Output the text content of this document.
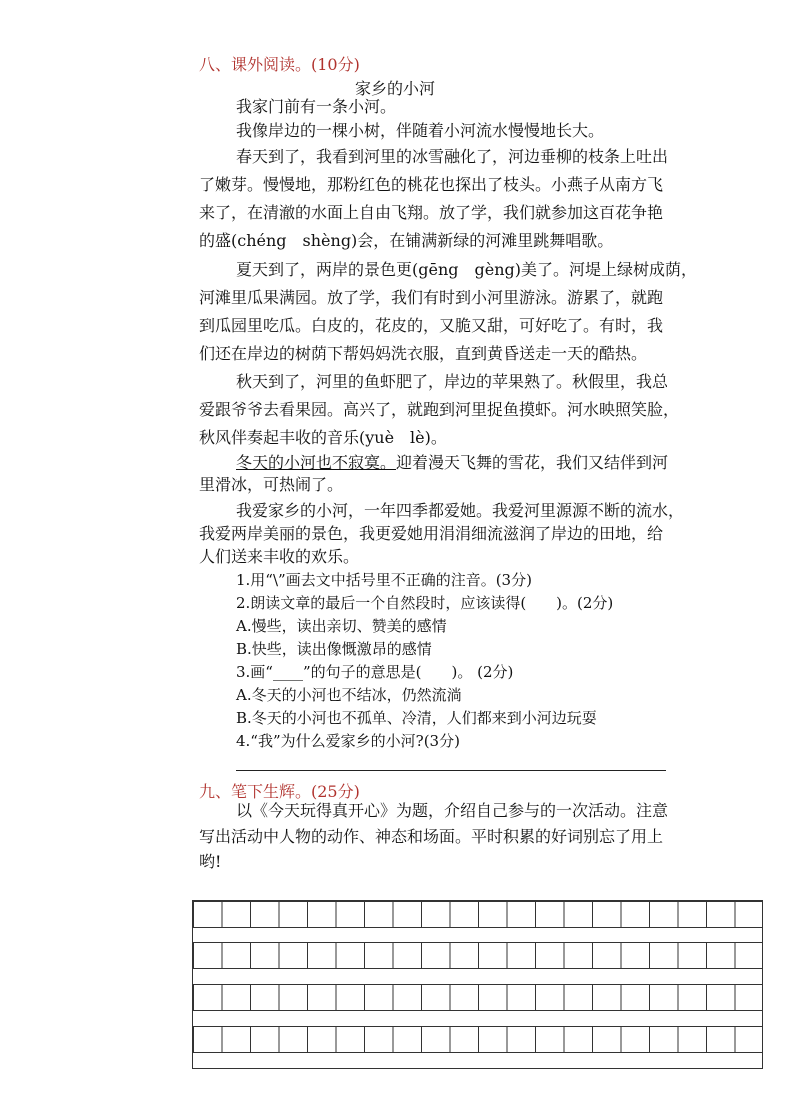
八、课外阅读。(10分)
家乡的小河
我家门前有一条小河。
我像岸边的一棵小树，伴随着小河流水慢慢地长大。
春天到了，我看到河里的冰雪融化了，河边垂柳的枝条上吐出
了嫩芽。慢慢地，那粉红色的桃花也探出了枝头。小燕子从南方飞
来了，在清澈的水面上自由飞翔。放了学，我们就参加这百花争艳
的盛(chéng　shèng)会，在铺满新绿的河滩里跳舞唱歌。
夏天到了，两岸的景色更(gēng　gèng)美了。河堤上绿树成荫，
河滩里瓜果满园。放了学，我们有时到小河里游泳。游累了，就跑
到瓜园里吃瓜。白皮的，花皮的，又脆又甜，可好吃了。有时，我
们还在岸边的树荫下帮妈妈洗衣服，直到黄昏送走一天的酷热。
秋天到了，河里的鱼虾肥了，岸边的苹果熟了。秋假里，我总
爱跟爷爷去看果园。高兴了，就跑到河里捉鱼摸虾。河水映照笑脸，
秋风伴奏起丰收的音乐(yuè　lè)。
冬天的小河也不寂寞。迎着漫天飞舞的雪花，我们又结伴到河
里滑冰，可热闹了。
我爱家乡的小河，一年四季都爱她。我爱河里源源不断的流水，
我爱两岸美丽的景色，我更爱她用涓涓细流滋润了岸边的田地，给
人们送来丰收的欢乐。
1.用“\”画去文中括号里不正确的注音。(3分)
2.朗读文章的最后一个自然段时，应该读得(　　)。(2分)
A.慢些，读出亲切、赞美的感情
B.快些，读出像慨激昂的感情
3.画“____”的句子的意思是(　　)。 (2分)
A.冬天的小河也不结冰，仍然流淌
B.冬天的小河也不孤单、冷清，人们都来到小河边玩耍
4.“我”为什么爱家乡的小河?(3分)
九、笔下生辉。(25分)
以《今天玩得真开心》为题，介绍自己参与的一次活动。注意
写出活动中人物的动作、神态和场面。平时积累的好词别忘了用上
哟!
